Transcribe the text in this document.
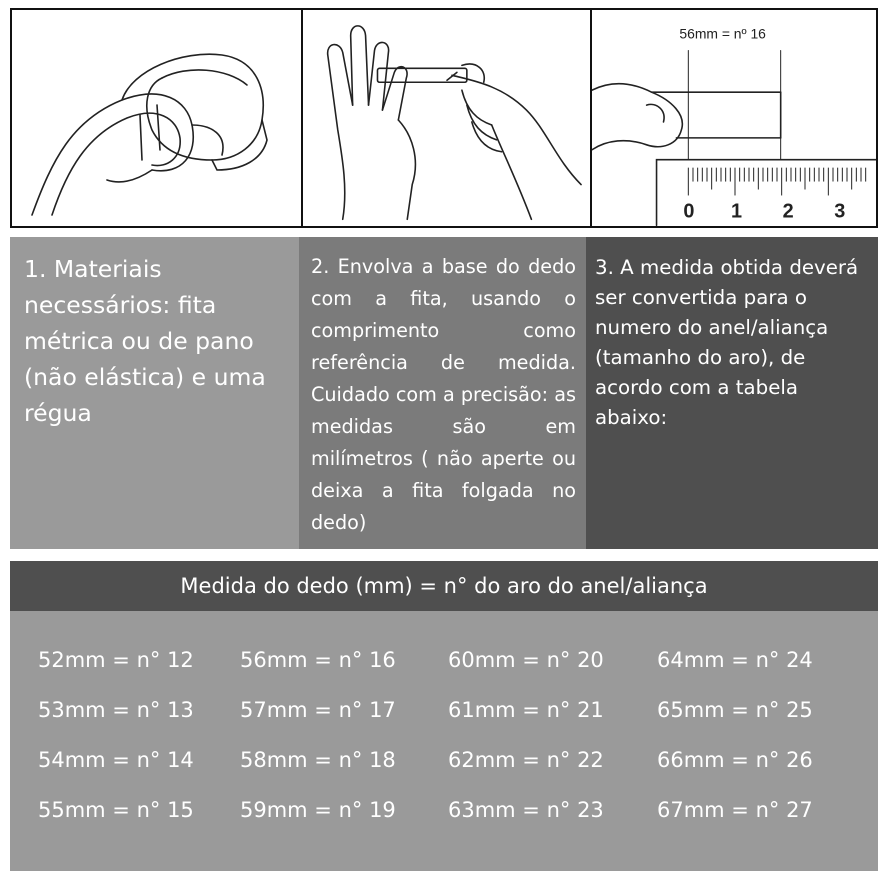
56mm = nº 16
0 1 2 3

1. Materiais necessários: fita métrica ou de pano (não elástica) e uma régua

2. Envolva a base do dedo com a fita, usando o comprimento como referência de medida. Cuidado com a precisão: as medidas são em milímetros ( não aperte ou deixa a fita folgada no dedo)

3. A medida obtida deverá ser convertida para o numero do anel/aliança (tamanho do aro), de acordo com a tabela abaixo:

Medida do dedo (mm) = n° do aro do anel/aliança
52mm = n° 12
53mm = n° 13
54mm = n° 14
55mm = n° 15
56mm = n° 16
57mm = n° 17
58mm = n° 18
59mm = n° 19
60mm = n° 20
61mm = n° 21
62mm = n° 22
63mm = n° 23
64mm = n° 24
65mm = n° 25
66mm = n° 26
67mm = n° 27
